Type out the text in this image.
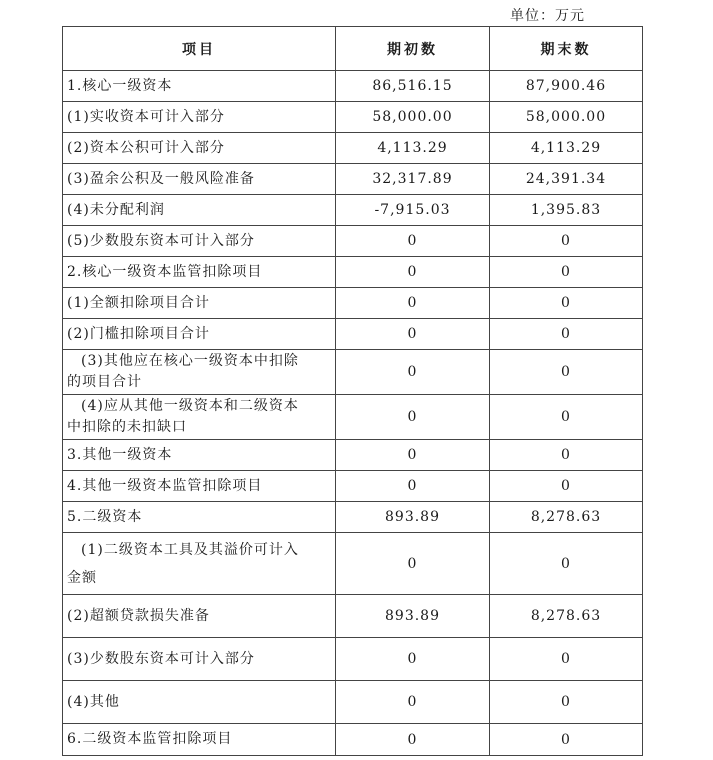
单位：万元
项目	期初数	期末数
1.核心一级资本	86,516.15	87,900.46
(1)实收资本可计入部分	58,000.00	58,000.00
(2)资本公积可计入部分	4,113.29	4,113.29
(3)盈余公积及一般风险准备	32,317.89	24,391.34
(4)未分配利润	-7,915.03	1,395.83
(5)少数股东资本可计入部分	0	0
2.核心一级资本监管扣除项目	0	0
(1)全额扣除项目合计	0	0
(2)门槛扣除项目合计	0	0

(3)其他应在核心一级资本中扣除
的项目合计	0	0

(4)应从其他一级资本和二级资本
中扣除的未扣缺口	0	0
3.其他一级资本	0	0
4.其他一级资本监管扣除项目	0	0
5.二级资本	893.89	8,278.63

(1)二级资本工具及其溢价可计入
金额	0	0
(2)超额贷款损失准备	893.89	8,278.63
(3)少数股东资本可计入部分	0	0
(4)其他	0	0
6.二级资本监管扣除项目	0	0
